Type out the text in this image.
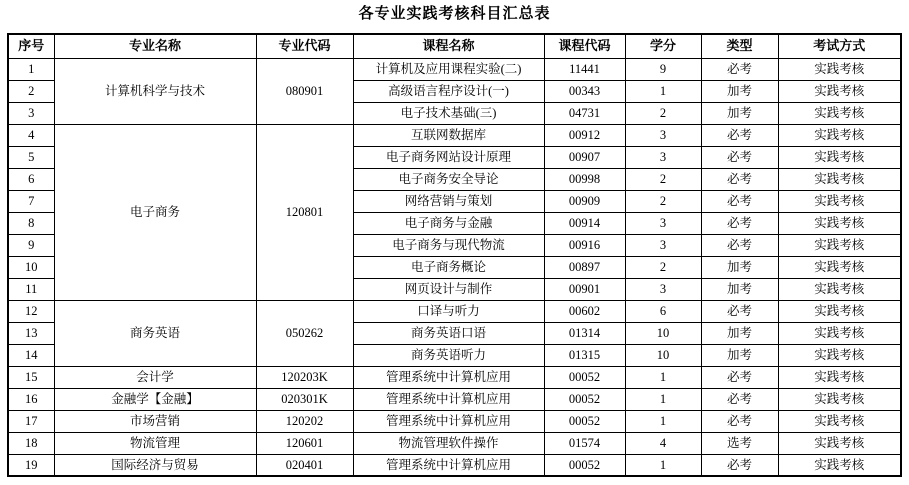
各专业实践考核科目汇总表
序号	专业名称	专业代码	课程名称	课程代码	学分	类型	考试方式
1	计算机科学与技术	080901	计算机及应用课程实验(二)	11441	9	必考	实践考核
2			高级语言程序设计(一)	00343	1	加考	实践考核
3			电子技术基础(三)	04731	2	加考	实践考核
4	电子商务	120801	互联网数据库	00912	3	必考	实践考核
5			电子商务网站设计原理	00907	3	必考	实践考核
6			电子商务安全导论	00998	2	必考	实践考核
7			网络营销与策划	00909	2	必考	实践考核
8			电子商务与金融	00914	3	必考	实践考核
9			电子商务与现代物流	00916	3	必考	实践考核
10			电子商务概论	00897	2	加考	实践考核
11			网页设计与制作	00901	3	加考	实践考核
12	商务英语	050262	口译与听力	00602	6	必考	实践考核
13			商务英语口语	01314	10	加考	实践考核
14			商务英语听力	01315	10	加考	实践考核
15	会计学	120203K	管理系统中计算机应用	00052	1	必考	实践考核
16	金融学【金融】	020301K	管理系统中计算机应用	00052	1	必考	实践考核
17	市场营销	120202	管理系统中计算机应用	00052	1	必考	实践考核
18	物流管理	120601	物流管理软件操作	01574	4	选考	实践考核
19	国际经济与贸易	020401	管理系统中计算机应用	00052	1	必考	实践考核
